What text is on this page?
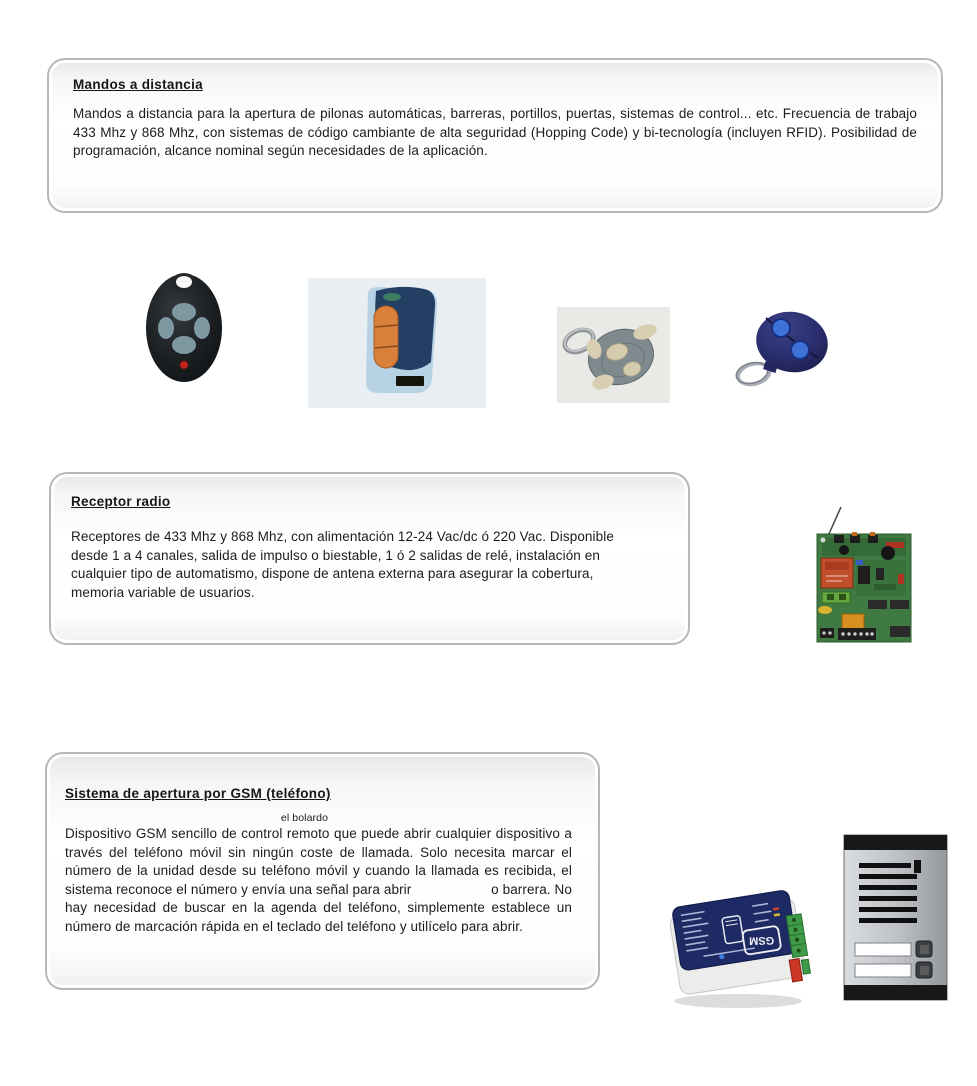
Mandos a distancia

Mandos a distancia para la apertura de pilonas automáticas, barreras, portillos, puertas, sistemas de control... etc. Frecuencia de trabajo 433 Mhz y 868 Mhz, con sistemas de código cambiante de alta seguridad (Hopping Code) y bi-tecnología (incluyen RFID). Posibilidad de programación, alcance nominal según necesidades de la aplicación.

Receptor radio

Receptores de 433 Mhz y 868 Mhz, con alimentación 12-24 Vac/dc ó 220 Vac. Disponible desde 1 a 4 canales, salida de impulso o biestable, 1 ó 2 salidas de relé, instalación en cualquier tipo de automatismo, dispone de antena externa para asegurar la cobertura, memoria variable de usuarios.

Sistema de apertura por GSM (teléfono)

Dispositivo GSM sencillo de control
el bolardo
remoto que puede abrir cualquier dispositivo a través del teléfono móvil sin ningún coste de llamada. Solo necesita marcar el número de la unidad desde su teléfono móvil y cuando la llamada es recibida, el sistema reconoce el número y envía una señal para abrir	o barrera. No hay necesidad de buscar en la agenda del teléfono, simplemente establece un número de marcación rápida en el teclado del teléfono y utilícelo para abrir.

GSM
